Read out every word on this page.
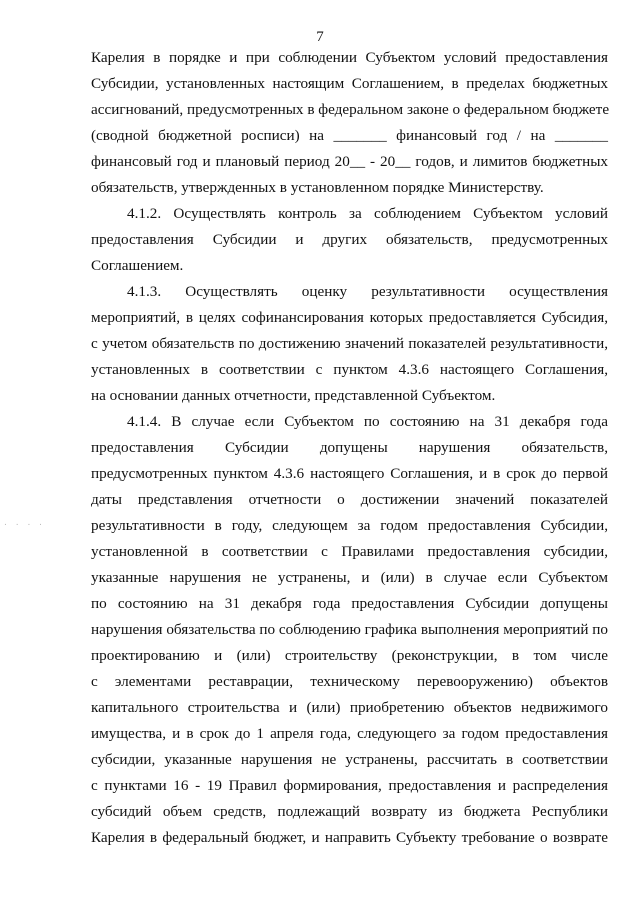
7
. . . .

Карелия в порядке и при соблюдении Субъектом условий предоставления
Субсидии, установленных настоящим Соглашением, в пределах бюджетных
ассигнований, предусмотренных в федеральном законе о федеральном бюджете
(сводной бюджетной росписи) на _______ финансовый год / на _______
финансовый год и плановый период 20__ - 20__ годов, и лимитов бюджетных
обязательств, утвержденных в установленном порядке Министерству.

4.1.2. Осуществлять контроль за соблюдением Субъектом условий
предоставления Субсидии и других обязательств, предусмотренных
Соглашением.

4.1.3. Осуществлять оценку результативности осуществления
мероприятий, в целях софинансирования которых предоставляется Субсидия,
с учетом обязательств по достижению значений показателей результативности,
установленных в соответствии с пунктом 4.3.6 настоящего Соглашения,
на основании данных отчетности, представленной Субъектом.

4.1.4. В случае если Субъектом по состоянию на 31 декабря года
предоставления Субсидии допущены нарушения обязательств,
предусмотренных пунктом 4.3.6 настоящего Соглашения, и в срок до первой
даты представления отчетности о достижении значений показателей
результативности в году, следующем за годом предоставления Субсидии,
установленной в соответствии с Правилами предоставления субсидии,
указанные нарушения не устранены, и (или) в случае если Субъектом
по состоянию на 31 декабря года предоставления Субсидии допущены
нарушения обязательства по соблюдению графика выполнения мероприятий по
проектированию и (или) строительству (реконструкции, в том числе
с элементами реставрации, техническому перевооружению) объектов
капитального строительства и (или) приобретению объектов недвижимого
имущества, и в срок до 1 апреля года, следующего за годом предоставления
субсидии, указанные нарушения не устранены, рассчитать в соответствии
с пунктами 16 - 19 Правил формирования, предоставления и распределения
субсидий объем средств, подлежащий возврату из бюджета Республики
Карелия в федеральный бюджет, и направить Субъекту требование о возврате
